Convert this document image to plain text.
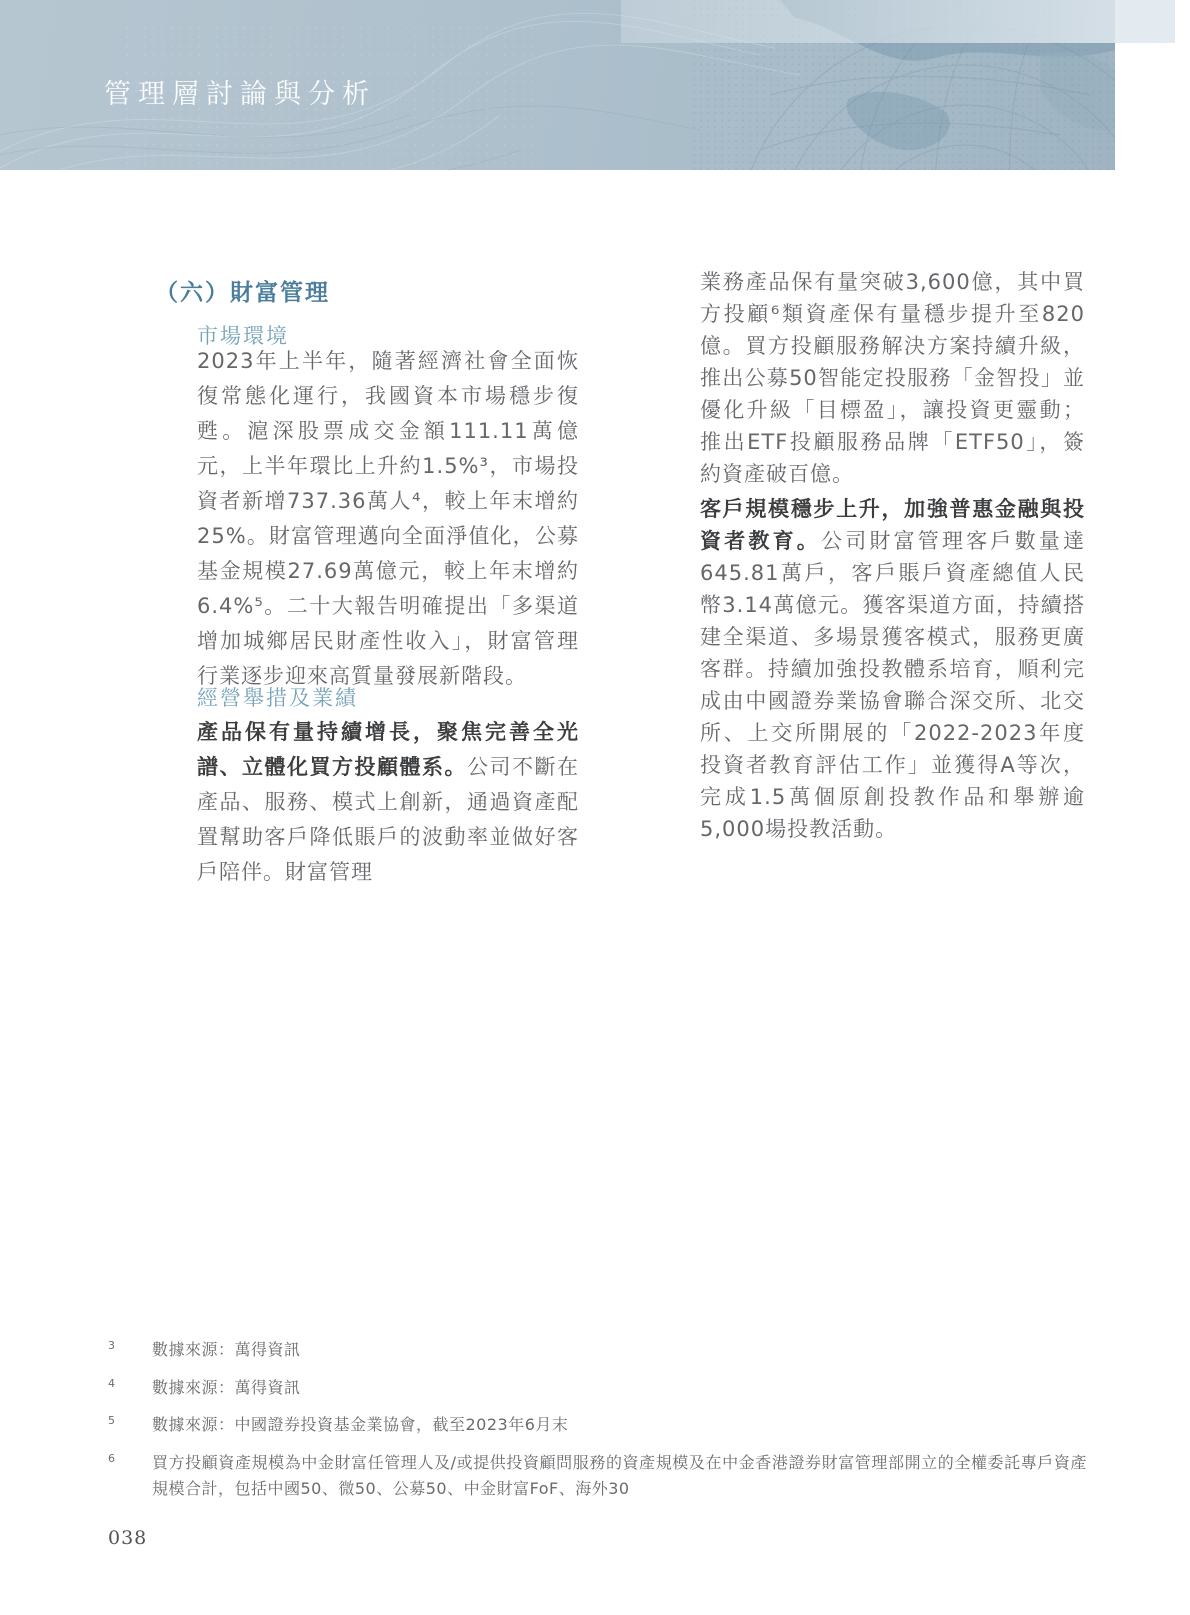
管理層討論與分析
（六）財富管理
市場環境

2023年上半年，隨著經濟社會全面恢復常態化運行，我國資本市場穩步復甦。滬深股票成交金額111.11萬億元，上半年環比上升約1.5%³，市場投資者新增737.36萬人⁴，較上年末增約25%。財富管理邁向全面淨值化，公募基金規模27.69萬億元，較上年末增約6.4%⁵。二十大報告明確提出「多渠道增加城鄉居民財產性收入」，財富管理行業逐步迎來高質量發展新階段。

經營舉措及業績

產品保有量持續增長，聚焦完善全光譜、立體化買方投顧體系。公司不斷在產品、服務、模式上創新，通過資產配置幫助客戶降低賬戶的波動率並做好客戶陪伴。財富管理

業務產品保有量突破3,600億，其中買方投顧⁶類資產保有量穩步提升至820億。買方投顧服務解決方案持續升級，推出公募50智能定投服務「金智投」並優化升級「目標盈」，讓投資更靈動；推出ETF投顧服務品牌「ETF50」，簽約資產破百億。

客戶規模穩步上升，加強普惠金融與投資者教育。公司財富管理客戶數量達645.81萬戶，客戶賬戶資產總值人民幣3.14萬億元。獲客渠道方面，持續搭建全渠道、多場景獲客模式，服務更廣客群。持續加強投教體系培育，順利完成由中國證券業協會聯合深交所、北交所、上交所開展的「2022-2023年度投資者教育評估工作」並獲得A等次，完成1.5萬個原創投教作品和舉辦逾5,000場投教活動。

3	數據來源：萬得資訊
4	數據來源：萬得資訊
5	數據來源：中國證券投資基金業協會，截至2023年6月末
6	買方投顧資產規模為中金財富任管理人及/或提供投資顧問服務的資產規模及在中金香港證券財富管理部開立的全權委託專戶資產規模合計，包括中國50、微50、公募50、中金財富FoF、海外30
038
